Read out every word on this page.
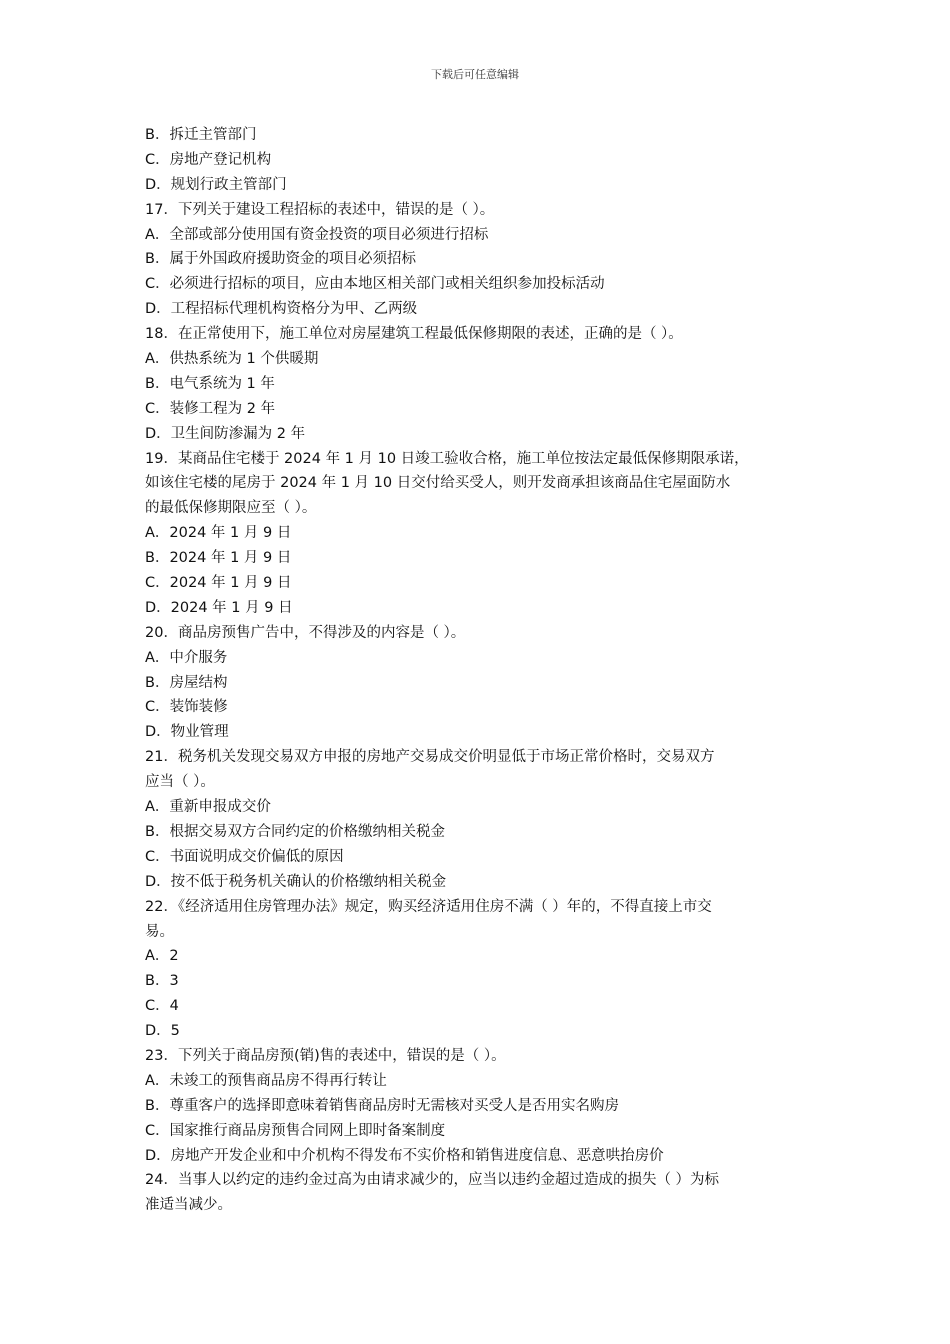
下载后可任意编辑
B．拆迁主管部门
C．房地产登记机构
D．规划行政主管部门
17．下列关于建设工程招标的表述中，错误的是（ ）。
A．全部或部分使用国有资金投资的项目必须进行招标
B．属于外国政府援助资金的项目必须招标
C．必须进行招标的项目，应由本地区相关部门或相关组织参加投标活动
D．工程招标代理机构资格分为甲、乙两级
18．在正常使用下，施工单位对房屋建筑工程最低保修期限的表述，正确的是（ ）。
A．供热系统为 1 个供暖期
B．电气系统为 1 年
C．装修工程为 2 年
D．卫生间防渗漏为 2 年
19．某商品住宅楼于 2024 年 1 月 10 日竣工验收合格，施工单位按法定最低保修期限承诺，
如该住宅楼的尾房于 2024 年 1 月 10 日交付给买受人，则开发商承担该商品住宅屋面防水
的最低保修期限应至（ ）。
A．2024 年 1 月 9 日
B．2024 年 1 月 9 日
C．2024 年 1 月 9 日
D．2024 年 1 月 9 日
20．商品房预售广告中，不得涉及的内容是（ ）。
A．中介服务
B．房屋结构
C．装饰装修
D．物业管理
21．税务机关发现交易双方申报的房地产交易成交价明显低于市场正常价格时，交易双方
应当（ ）。
A．重新申报成交价
B．根据交易双方合同约定的价格缴纳相关税金
C．书面说明成交价偏低的原因
D．按不低于税务机关确认的价格缴纳相关税金
22．《经济适用住房管理办法》规定，购买经济适用住房不满（ ）年的，不得直接上市交
易。
A．2
B．3
C．4
D．5
23．下列关于商品房预(销)售的表述中，错误的是（ ）。
A．未竣工的预售商品房不得再行转让
B．尊重客户的选择即意味着销售商品房时无需核对买受人是否用实名购房
C．国家推行商品房预售合同网上即时备案制度
D．房地产开发企业和中介机构不得发布不实价格和销售进度信息、恶意哄抬房价
24．当事人以约定的违约金过高为由请求减少的，应当以违约金超过造成的损失（ ）为标
准适当减少。
